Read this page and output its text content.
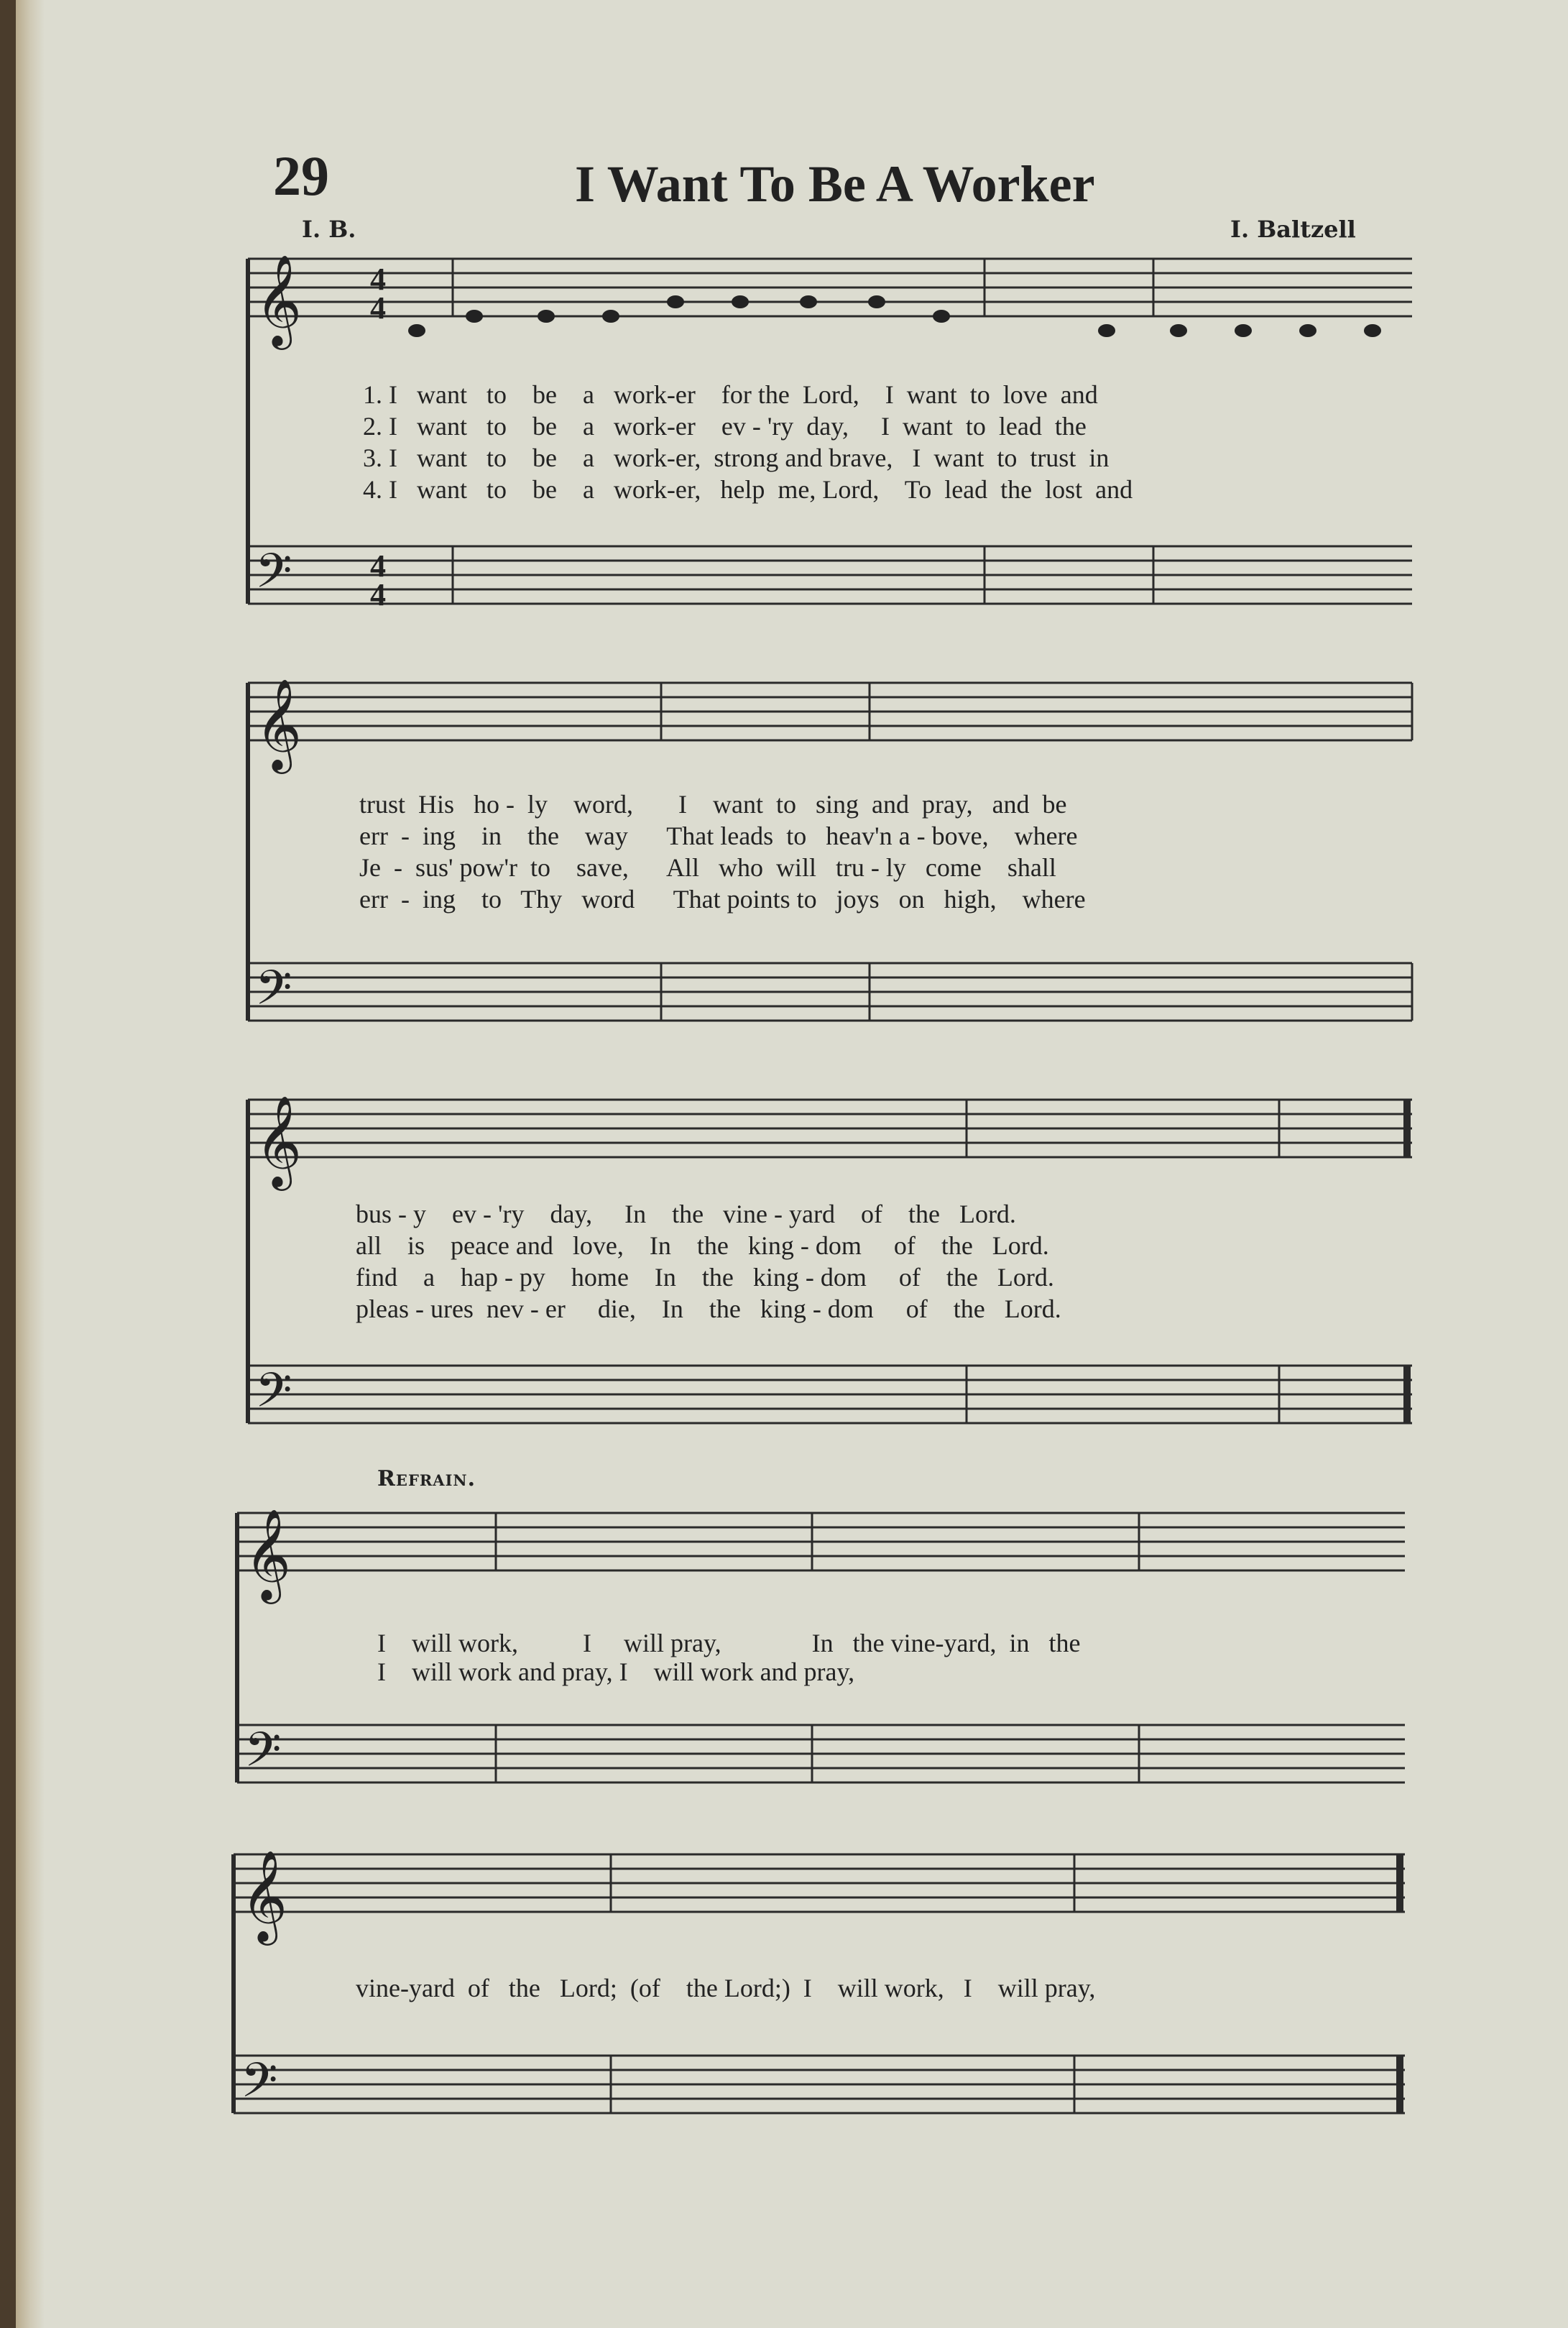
29	I Want To Be A Worker
I. B.	I. Baltzell
𝄞
𝄢
𝄞
𝄢
𝄞
𝄢
𝄞
𝄢
𝄞
𝄢
4
4
4
4
1. I   want   to    be    a   work-er    for the  Lord,    I  want  to  love  and
2. I   want   to    be    a   work-er    ev - 'ry  day,     I  want  to  lead  the
3. I   want   to    be    a   work-er,  strong and brave,   I  want  to  trust  in
4. I   want   to    be    a   work-er,   help  me, Lord,    To  lead  the  lost  and
trust  His   ho -  ly    word,       I    want  to   sing  and  pray,   and  be
err  -  ing    in    the    way      That leads  to   heav'n a - bove,    where
Je  -  sus' pow'r  to    save,      All   who  will   tru - ly   come    shall
err  -  ing    to   Thy   word      That points to   joys   on   high,    where
bus - y    ev - 'ry    day,     In    the   vine - yard    of    the   Lord.
all    is    peace and   love,    In    the   king - dom     of    the   Lord.
find    a    hap - py    home    In    the   king - dom     of    the   Lord.
pleas - ures  nev - er     die,    In    the   king - dom     of    the   Lord.
Refrain.
I    will work,          I     will pray,              In   the vine-yard,  in   the
I    will work and pray, I    will work and pray,
vine-yard  of   the   Lord;  (of    the Lord;)  I    will work,   I    will pray,
